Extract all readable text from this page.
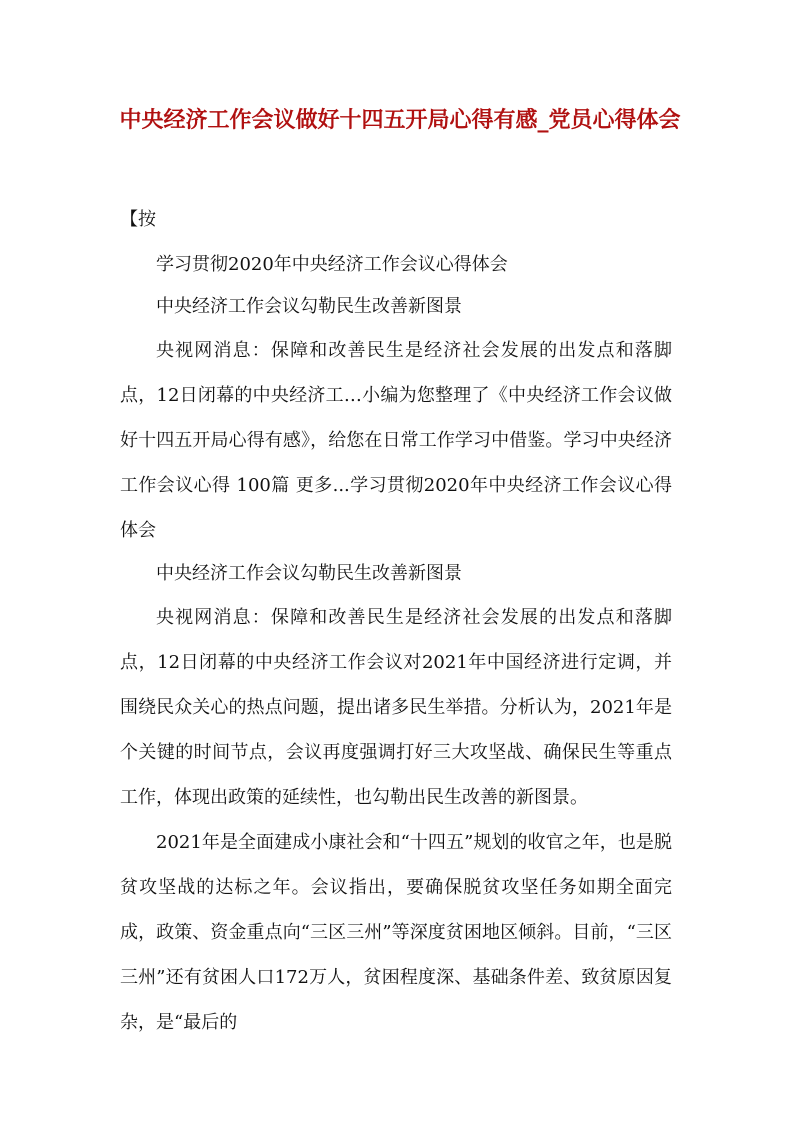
中央经济工作会议做好十四五开局心得有感_党员心得体会
【按

学习贯彻2020年中央经济工作会议心得体会

中央经济工作会议勾勒民生改善新图景

央视网消息：保障和改善民生是经济社会发展的出发点和落脚点，12日闭幕的中央经济工…小编为您整理了《中央经济工作会议做好十四五开局心得有感》，给您在日常工作学习中借鉴。学习中央经济工作会议心得 100篇 更多...学习贯彻2020年中央经济工作会议心得体会

中央经济工作会议勾勒民生改善新图景

央视网消息：保障和改善民生是经济社会发展的出发点和落脚点，12日闭幕的中央经济工作会议对2021年中国经济进行定调，并围绕民众关心的热点问题，提出诸多民生举措。分析认为，2021年是个关键的时间节点，会议再度强调打好三大攻坚战、确保民生等重点工作，体现出政策的延续性，也勾勒出民生改善的新图景。

2021年是全面建成小康社会和“十四五”规划的收官之年，也是脱贫攻坚战的达标之年。会议指出，要确保脱贫攻坚任务如期全面完成，政策、资金重点向“三区三州”等深度贫困地区倾斜。目前，“三区三州”还有贫困人口172万人，贫困程度深、基础条件差、致贫原因复杂，是“最后的
